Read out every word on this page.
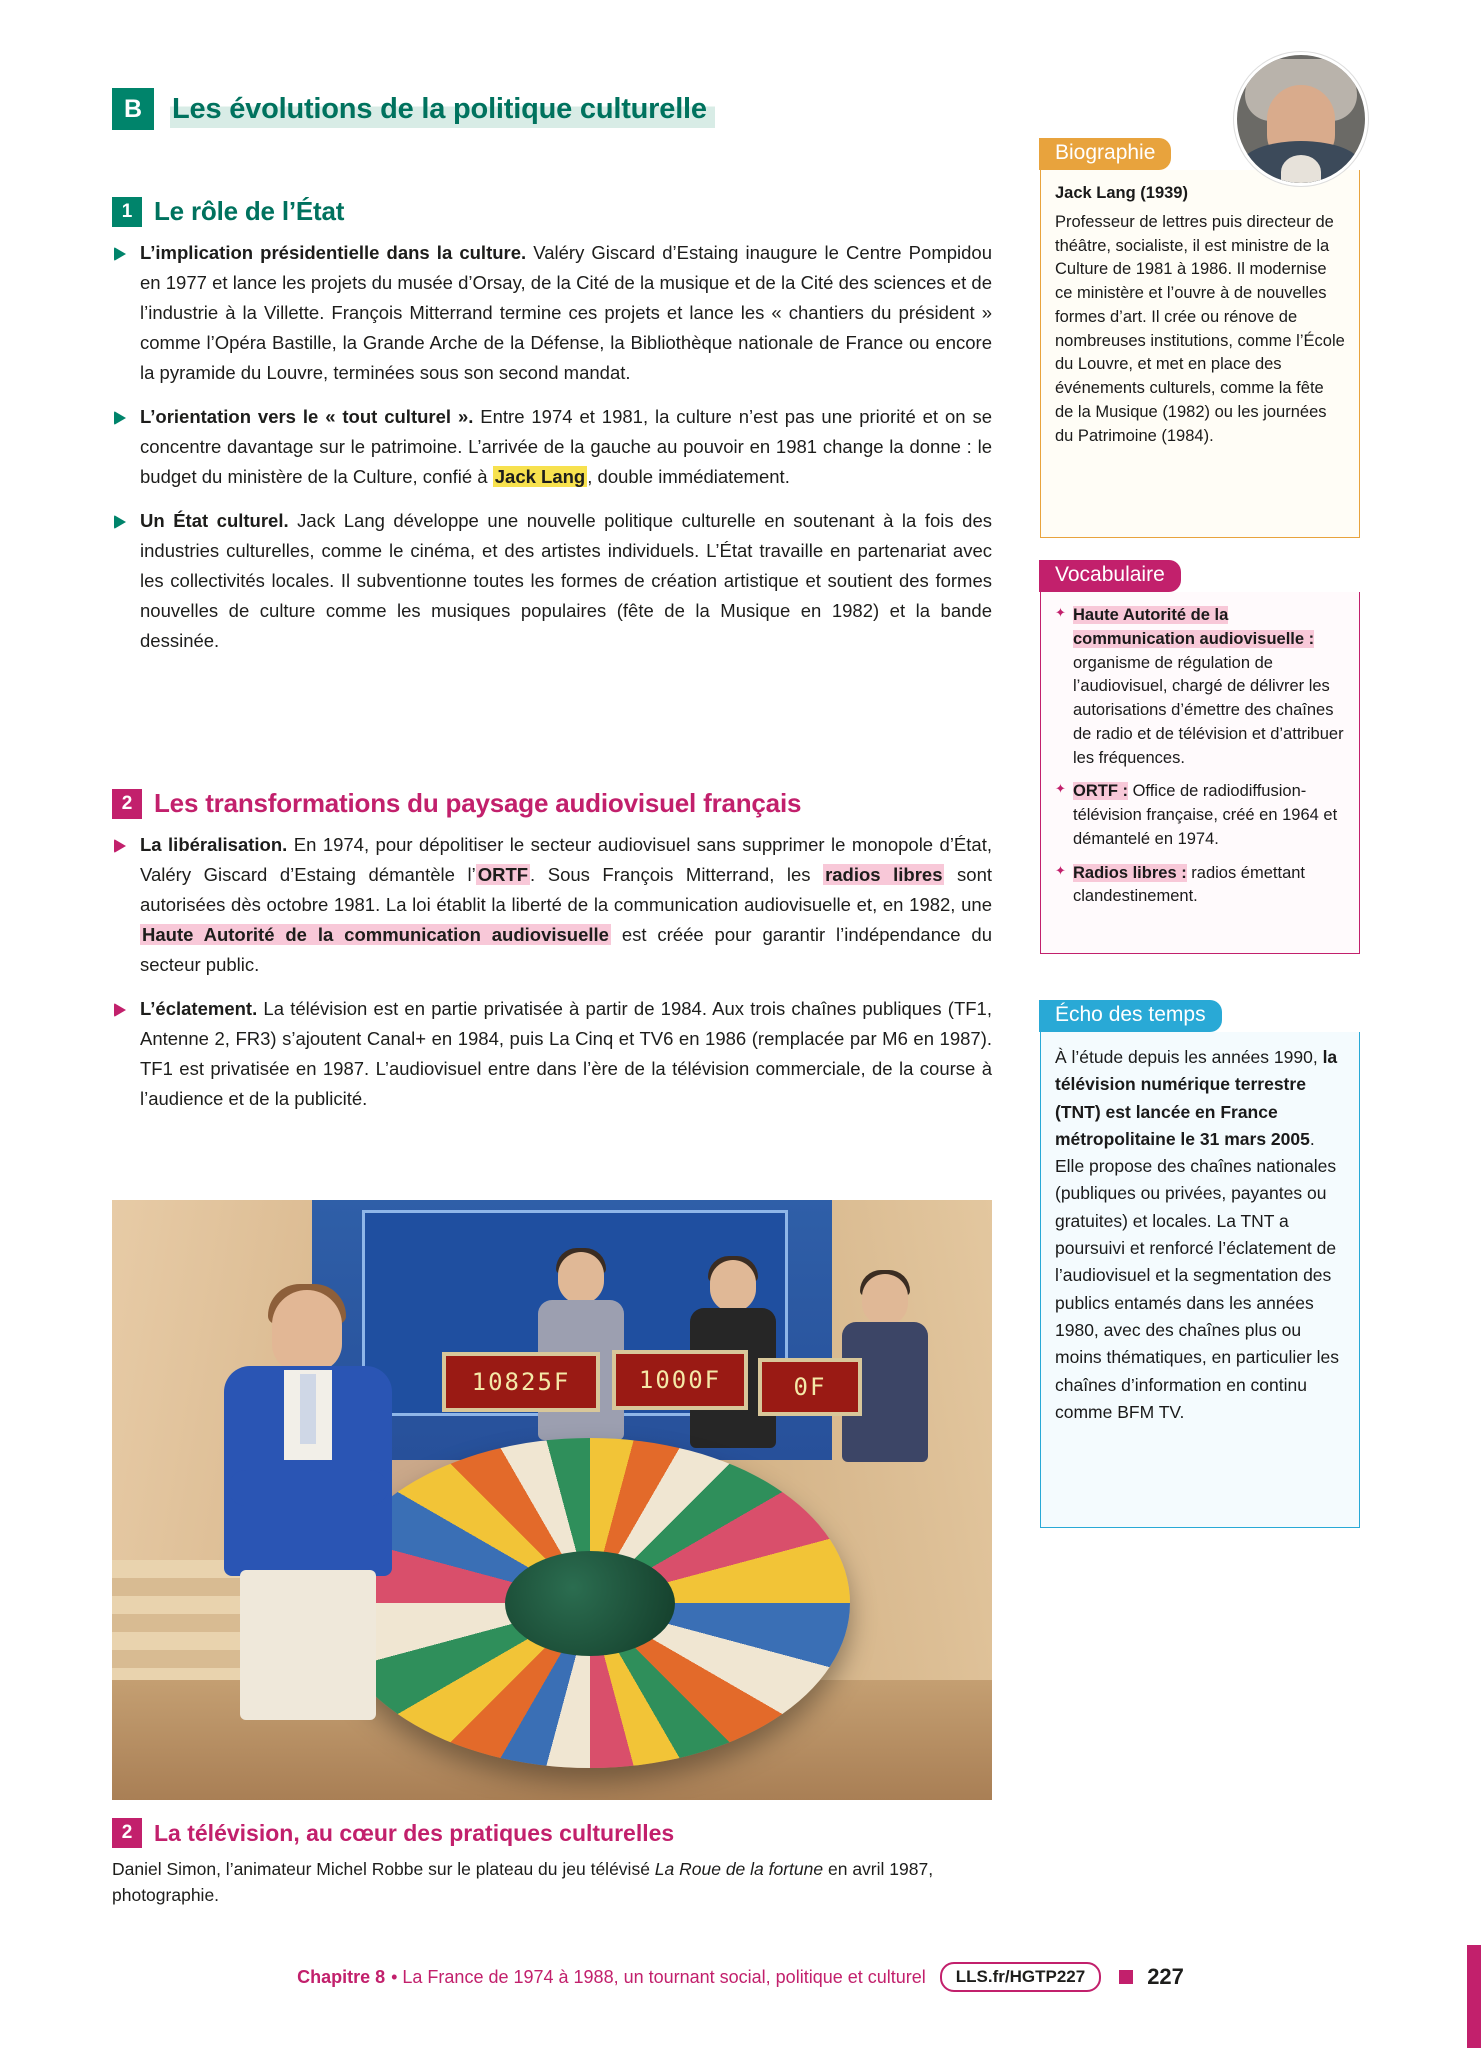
B	Les évolutions de la politique culturelle
1 Le rôle de l’État
L’implication présidentielle dans la culture. Valéry Giscard d’Estaing inaugure le Centre Pompidou en 1977 et lance les projets du musée d’Orsay, de la Cité de la musique et de la Cité des sciences et de l’industrie à la Villette. François Mitterrand termine ces projets et lance les « chantiers du président » comme l’Opéra Bastille, la Grande Arche de la Défense, la Bibliothèque nationale de France ou encore la pyramide du Louvre, terminées sous son second mandat.
L’orientation vers le « tout culturel ». Entre 1974 et 1981, la culture n’est pas une priorité et on se concentre davantage sur le patrimoine. L’arrivée de la gauche au pouvoir en 1981 change la donne : le budget du ministère de la Culture, confié à Jack Lang , double immédiatement.
Un État culturel. Jack Lang développe une nouvelle politique culturelle en soutenant à la fois des industries culturelles, comme le cinéma, et des artistes individuels. L’État travaille en partenariat avec les collectivités locales. Il subventionne toutes les formes de création artistique et soutient des formes nouvelles de culture comme les musiques populaires (fête de la Musique en 1982) et la bande dessinée.
2 Les transformations du paysage audiovisuel français
La libéralisation. En 1974, pour dépolitiser le secteur audiovisuel sans supprimer le monopole d’État, Valéry Giscard d’Estaing démantèle l’ ORTF . Sous François Mitterrand, les radios libres sont autorisées dès octobre 1981. La loi établit la liberté de la communication audiovisuelle et, en 1982, une Haute Autorité de la communication audiovisuelle est créée pour garantir l’indépendance du secteur public.
L’éclatement. La télévision est en partie privatisée à partir de 1984. Aux trois chaînes publiques (TF1, Antenne 2, FR3) s’ajoutent Canal+ en 1984, puis La Cinq et TV6 en 1986 (remplacée par M6 en 1987). TF1 est privatisée en 1987. L’audiovisuel entre dans l’ère de la télévision commerciale, de la course à l’audience et de la publicité.
Biographie
Jack Lang (1939)
Professeur de lettres puis directeur de théâtre, socialiste, il est ministre de la Culture de 1981 à 1986. Il modernise ce ministère et l’ouvre à de nouvelles formes d’art. Il crée ou rénove de nombreuses institutions, comme l’École du Louvre, et met en place des événements culturels, comme la fête de la Musique (1982) ou les journées du Patrimoine (1984).
Vocabulaire
✦ Haute Autorité de la communication audiovisuelle : organisme de régulation de l’audiovisuel, chargé de délivrer les autorisations d’émettre des chaînes de radio et de télévision et d’attribuer les fréquences.
✦ ORTF : Office de radiodiffusion-télévision française, créé en 1964 et démantelé en 1974.
✦ Radios libres : radios émettant clandestinement.
Écho des temps
À l’étude depuis les années 1990, la télévision numérique terrestre (TNT) est lancée en France métropolitaine le 31 mars 2005. Elle propose des chaînes nationales (publiques ou privées, payantes ou gratuites) et locales. La TNT a poursuivi et renforcé l’éclatement de l’audiovisuel et la segmentation des publics entamés dans les années 1980, avec des chaînes plus ou moins thématiques, en particulier les chaînes d’information en continu comme BFM TV.
10825F	1000F	0F
2 La télévision, au cœur des pratiques culturelles
Daniel Simon, l’animateur Michel Robbe sur le plateau du jeu télévisé La Roue de la fortune en avril 1987, photographie.
Chapitre 8 • La France de 1974 à 1988, un tournant social, politique et culturel	LLS.fr/HGTP227	227
